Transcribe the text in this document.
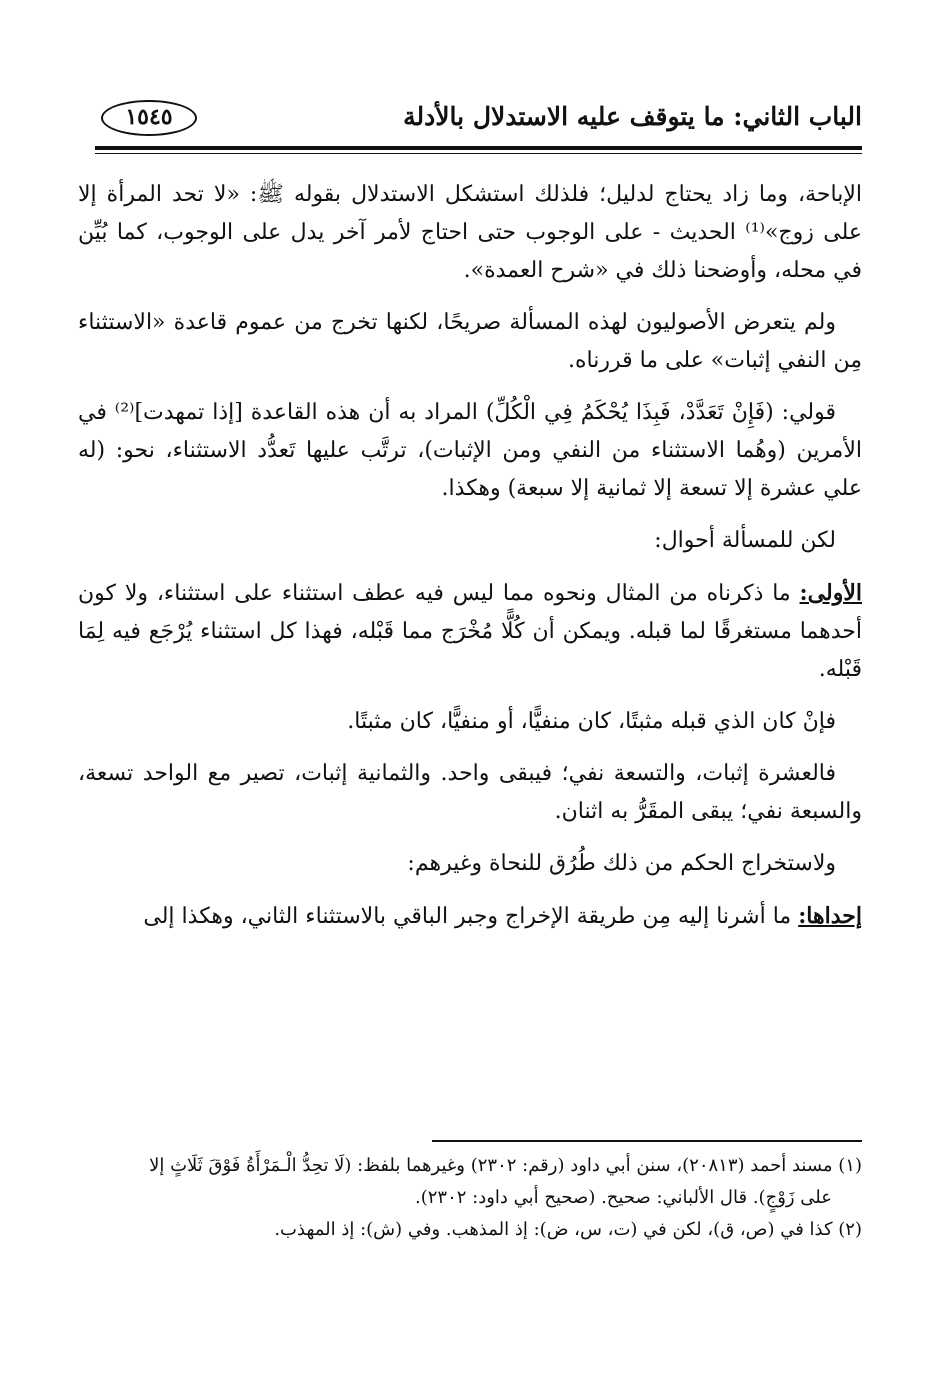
الباب الثاني: ما يتوقف عليه الاستدلال بالأدلة
١٥٤٥

الإباحة، وما زاد يحتاج لدليل؛ فلذلك استشكل الاستدلال بقوله ﷺ: «لا تحد المرأة إلا على زوج»⁽¹⁾ الحديث - على الوجوب حتى احتاج لأمر آخر يدل على الوجوب، كما بُيِّن في محله، وأوضحنا ذلك في «شرح العمدة».

ولم يتعرض الأصوليون لهذه المسألة صريحًا، لكنها تخرج من عموم قاعدة «الاستثناء مِن النفي إثبات» على ما قررناه.

قولي: (فَإِنْ تَعَدَّدْ، فَبِذَا يُحْكَمُ فِي الْكُلِّ) المراد به أن هذه القاعدة [إذا تمهدت]⁽²⁾ في الأمرين (وهُما الاستثناء من النفي ومن الإثبات)، ترتَّب عليها تَعدُّد الاستثناء، نحو: (له علي عشرة إلا تسعة إلا ثمانية إلا سبعة) وهكذا.

لكن للمسألة أحوال:

الأولى: ما ذكرناه من المثال ونحوه مما ليس فيه عطف استثناء على استثناء، ولا كون أحدهما مستغرقًا لما قبله. ويمكن أن كُلًّا مُخْرَج مما قَبْله، فهذا كل استثناء يُرْجَع فيه لِمَا قَبْله.

فإنْ كان الذي قبله مثبتًا، كان منفيًّا، أو منفيًّا، كان مثبتًا.

فالعشرة إثبات، والتسعة نفي؛ فيبقى واحد. والثمانية إثبات، تصير مع الواحد تسعة، والسبعة نفي؛ يبقى المقَرُّ به اثنان.

ولاستخراج الحكم من ذلك طُرُق للنحاة وغيرهم:

إحداها: ما أشرنا إليه مِن طريقة الإخراج وجبر الباقي بالاستثناء الثاني، وهكذا إلى

(١) مسند أحمد (٢٠٨١٣)، سنن أبي داود (رقم: ٢٣٠٢) وغيرهما بلفظ: (لَا تحِدُّ الْـمَرْأَةُ فَوْقَ ثَلَاثٍ إلا

على زَوْجٍ). قال الألباني: صحيح. (صحيح أبي داود: ٢٣٠٢).

(٢) كذا في (ص، ق)، لكن في (ت، س، ض): إذ المذهب. وفي (ش): إذ المهذب.
